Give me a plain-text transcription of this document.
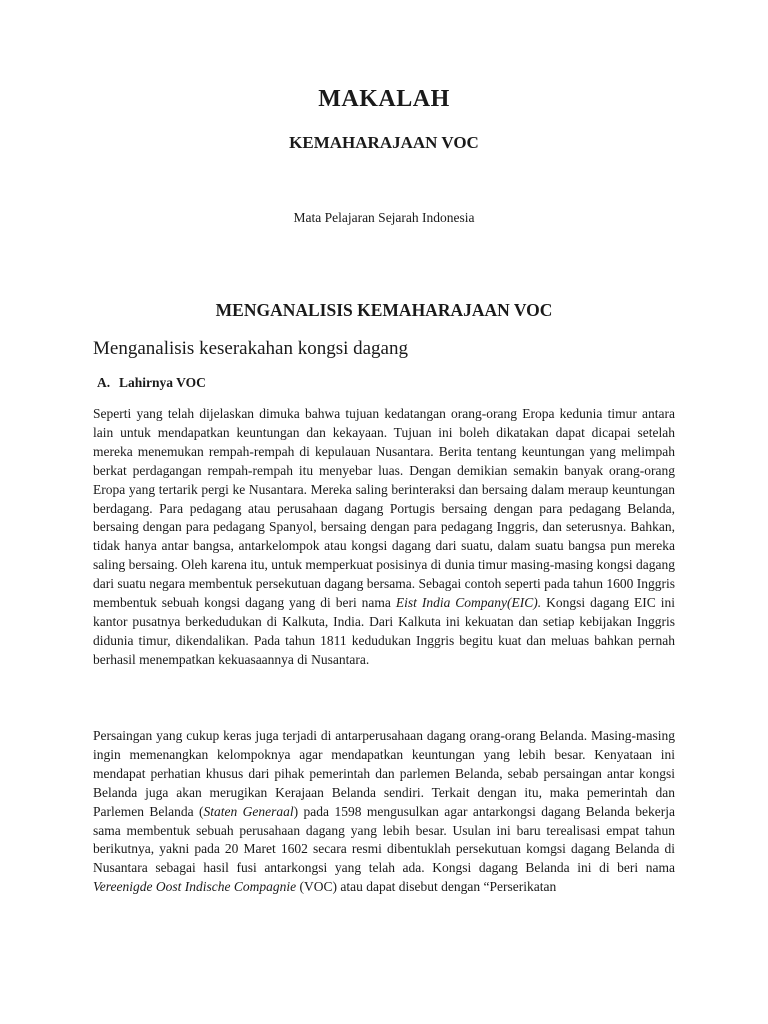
MAKALAH
KEMAHARAJAAN VOC
Mata Pelajaran Sejarah Indonesia
MENGANALISIS KEMAHARAJAAN VOC
Menganalisis keserakahan kongsi dagang
A. Lahirnya VOC

Seperti yang telah dijelaskan dimuka bahwa tujuan kedatangan orang-orang Eropa kedunia timur antara lain untuk mendapatkan keuntungan dan kekayaan. Tujuan ini boleh dikatakan dapat dicapai setelah mereka menemukan rempah-rempah di kepulauan Nusantara. Berita tentang keuntungan yang melimpah berkat perdagangan rempah-rempah itu menyebar luas. Dengan demikian semakin banyak orang-orang Eropa yang tertarik pergi ke Nusantara. Mereka saling berinteraksi dan bersaing dalam meraup keuntungan berdagang. Para pedagang atau perusahaan dagang Portugis bersaing dengan para pedagang Belanda, bersaing dengan para pedagang Spanyol, bersaing dengan para pedagang Inggris, dan seterusnya. Bahkan, tidak hanya antar bangsa, antarkelompok atau kongsi dagang dari suatu, dalam suatu bangsa pun mereka saling bersaing. Oleh karena itu, untuk memperkuat posisinya di dunia timur masing-masing kongsi dagang dari suatu negara membentuk persekutuan dagang bersama. Sebagai contoh seperti pada tahun 1600 Inggris membentuk sebuah kongsi dagang yang di beri nama Eist India Company(EIC). Kongsi dagang EIC ini kantor pusatnya berkedudukan di Kalkuta, India. Dari Kalkuta ini kekuatan dan setiap kebijakan Inggris didunia timur, dikendalikan. Pada tahun 1811 kedudukan Inggris begitu kuat dan meluas bahkan pernah berhasil menempatkan kekuasaannya di Nusantara.

Persaingan yang cukup keras juga terjadi di antarperusahaan dagang orang-orang Belanda. Masing-masing ingin memenangkan kelompoknya agar mendapatkan keuntungan yang lebih besar. Kenyataan ini mendapat perhatian khusus dari pihak pemerintah dan parlemen Belanda, sebab persaingan antar kongsi Belanda juga akan merugikan Kerajaan Belanda sendiri. Terkait dengan itu, maka pemerintah dan Parlemen Belanda (Staten Generaal) pada 1598 mengusulkan agar antarkongsi dagang Belanda bekerja sama membentuk sebuah perusahaan dagang yang lebih besar. Usulan ini baru terealisasi empat tahun berikutnya, yakni pada 20 Maret 1602 secara resmi dibentuklah persekutuan komgsi dagang Belanda di Nusantara sebagai hasil fusi antarkongsi yang telah ada. Kongsi dagang Belanda ini di beri nama Vereenigde Oost Indische Compagnie (VOC) atau dapat disebut dengan “Perserikatan
